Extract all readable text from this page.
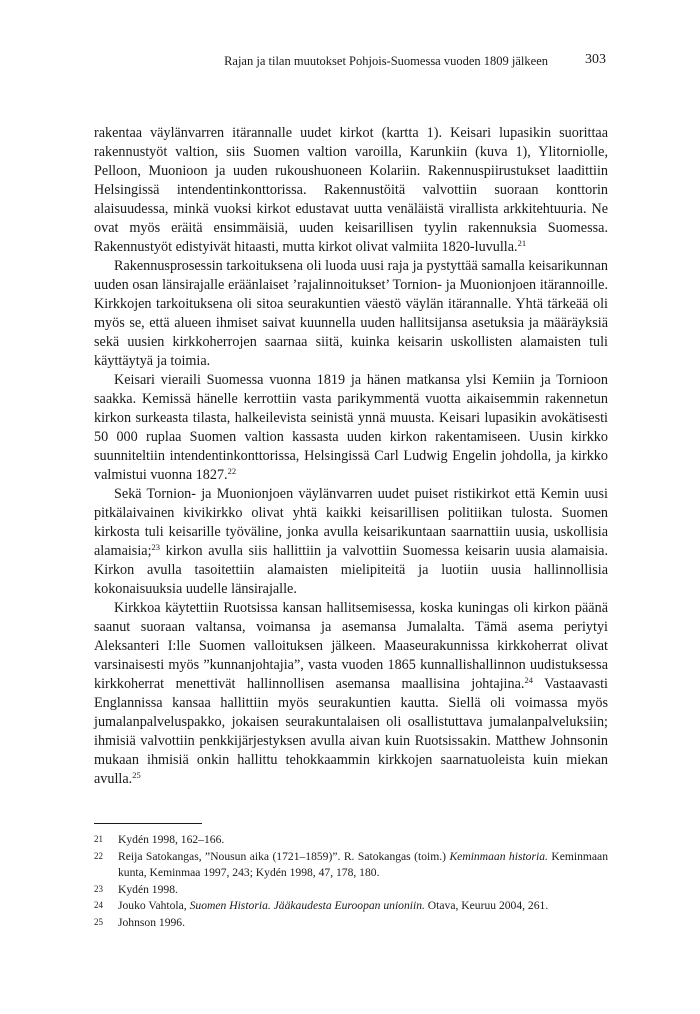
Rajan ja tilan muutokset Pohjois-Suomessa vuoden 1809 jälkeen	303

rakentaa väylänvarren itärannalle uudet kirkot (kartta 1). Keisari lupasikin suorittaa rakennustyöt valtion, siis Suomen valtion varoilla, Karunkiin (kuva 1), Ylitorniolle, Pelloon, Muonioon ja uuden rukoushuoneen Kolariin. Rakennuspiirustukset laadittiin Helsingissä intendentinkonttorissa. Rakennustöitä valvottiin suoraan konttorin alaisuudessa, minkä vuoksi kirkot edustavat uutta venäläistä virallista arkkitehtuuria. Ne ovat myös eräitä ensimmäisiä, uuden keisarillisen tyylin rakennuksia Suomessa. Rakennustyöt edistyivät hitaasti, mutta kirkot olivat valmiita 1820-luvulla.$^{21}$

Rakennusprosessin tarkoituksena oli luoda uusi raja ja pystyttää samalla keisarikunnan uuden osan länsirajalle eräänlaiset ’rajalinnoitukset’ Tornion- ja Muonionjoen itärannoille. Kirkkojen tarkoituksena oli sitoa seurakuntien väestö väylän itärannalle. Yhtä tärkeää oli myös se, että alueen ihmiset saivat kuunnella uuden hallitsijansa asetuksia ja määräyksiä sekä uusien kirkkoherrojen saarnaa siitä, kuinka keisarin uskollisten alamaisten tuli käyttäytyä ja toimia.

Keisari vieraili Suomessa vuonna 1819 ja hänen matkansa ylsi Kemiin ja Tornioon saakka. Kemissä hänelle kerrottiin vasta parikymmentä vuotta aikaisemmin rakennetun kirkon surkeasta tilasta, halkeilevista seinistä ynnä muusta. Keisari lupasikin avokätisesti 50 000 ruplaa Suomen valtion kassasta uuden kirkon rakentamiseen. Uusin kirkko suunniteltiin intendentinkonttorissa, Helsingissä Carl Ludwig Engelin johdolla, ja kirkko valmistui vuonna 1827.22

Sekä Tornion- ja Muonionjoen väylänvarren uudet puiset ristikirkot että Kemin uusi pitkälaivainen kivikirkko olivat yhtä kaikki keisarillisen politiikan tulosta. Suomen kirkosta tuli keisarille työväline, jonka avulla keisarikuntaan saarnattiin uusia, uskollisia alamaisia;$^{23}$ kirkon avulla siis hallittiin ja valvottiin Suomessa keisarin uusia alamaisia. Kirkon avulla tasoitettiin alamaisten mielipiteitä ja luotiin uusia hallinnollisia kokonaisuuksia uudelle länsirajalle.

Kirkkoa käytettiin Ruotsissa kansan hallitsemisessa, koska kuningas oli kirkon päänä saanut suoraan valtansa, voimansa ja asemansa Jumalalta. Tämä asema periytyi Aleksanteri I:lle Suomen valloituksen jälkeen. Maaseurakunnissa kirkkoherrat olivat varsinaisesti myös ”kunnanjohtajia”, vasta vuoden 1865 kunnallishallinnon uudistuksessa kirkkoherrat menettivät hallinnollisen asemansa maallisina johtajina.$^{24}$ Vastaavasti Englannissa kansaa hallittiin myös seurakuntien kautta. Siellä oli voimassa myös jumalanpalveluspakko, jokaisen seurakuntalaisen oli osallistuttava jumalanpalveluksiin; ihmisiä valvottiin penkkijärjestyksen avulla aivan kuin Ruotsissakin. Matthew Johnsonin mukaan ihmisiä onkin hallittu tehokkaammin kirkkojen saarnatuoleista kuin miekan avulla.$^{25}$

21	Kydén 1998, 162–166.
22	Reija Satokangas, ”Nousun aika (1721–1859)”. R. Satokangas (toim.) Keminmaan historia. Keminmaan kunta, Keminmaa 1997, 243; Kydén 1998, 47, 178, 180.
23	Kydén 1998.
24	Jouko Vahtola, Suomen Historia. Jääkaudesta Euroopan unioniin. Otava, Keuruu 2004, 261.
25	Johnson 1996.
